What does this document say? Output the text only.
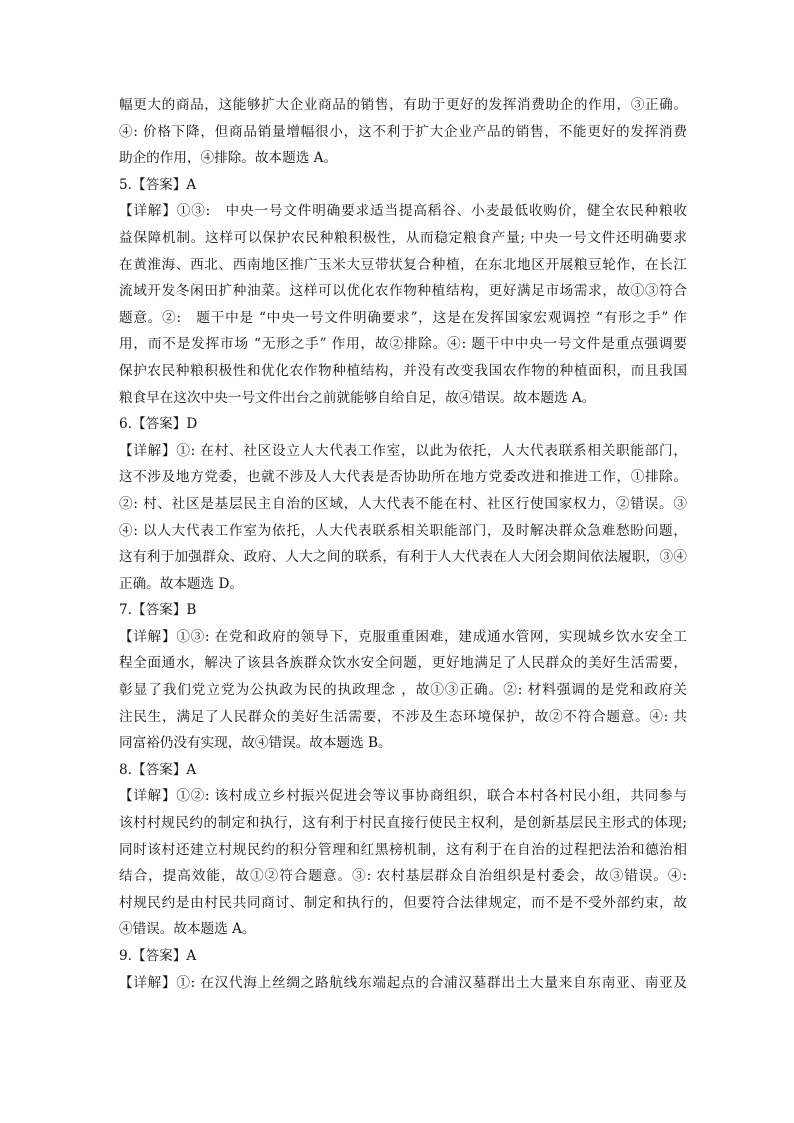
幅更大的商品，这能够扩大企业商品的销售，有助于更好的发挥消费助企的作用，③正确。
④: 价格下降，但商品销量增幅很小，这不利于扩大企业产品的销售，不能更好的发挥消费
助企的作用，④排除。故本题选 A。
5.【答案】A
【详解】①③:　中央一号文件明确要求适当提高稻谷、小麦最低收购价，健全农民种粮收
益保障机制。这样可以保护农民种粮积极性，从而稳定粮食产量; 中央一号文件还明确要求
在黄淮海、西北、西南地区推广玉米大豆带状复合种植，在东北地区开展粮豆轮作，在长江
流域开发冬闲田扩种油菜。这样可以优化农作物种植结构，更好满足市场需求，故①③符合
题意。②:　题干中是 “中央一号文件明确要求”，这是在发挥国家宏观调控 “有形之手” 作
用，而不是发挥市场 “无形之手” 作用，故②排除。④: 题干中中央一号文件是重点强调要
保护农民种粮积极性和优化农作物种植结构，并没有改变我国农作物的种植面积，而且我国
粮食早在这次中央一号文件出台之前就能够自给自足，故④错误。故本题选 A。
6.【答案】D
【详解】①: 在村、社区设立人大代表工作室，以此为依托，人大代表联系相关职能部门，
这不涉及地方党委，也就不涉及人大代表是否协助所在地方党委改进和推进工作，①排除。
②: 村、社区是基层民主自治的区域，人大代表不能在村、社区行使国家权力，②错误。③
④: 以人大代表工作室为依托，人大代表联系相关职能部门，及时解决群众急难愁盼问题，
这有利于加强群众、政府、人大之间的联系，有利于人大代表在人大闭会期间依法履职，③④
正确。故本题选 D。
7.【答案】B
【详解】①③: 在党和政府的领导下，克服重重困难，建成通水管网，实现城乡饮水安全工
程全面通水，解决了该县各族群众饮水安全问题，更好地满足了人民群众的美好生活需要，
彰显了我们党立党为公执政为民的执政理念 ，故①③正确。②: 材料强调的是党和政府关
注民生，满足了人民群众的美好生活需要，不涉及生态环境保护，故②不符合题意。④: 共
同富裕仍没有实现，故④错误。故本题选 B。
8.【答案】A
【详解】①②: 该村成立乡村振兴促进会等议事协商组织，联合本村各村民小组，共同参与
该村村规民约的制定和执行，这有利于村民直接行使民主权利，是创新基层民主形式的体现;
同时该村还建立村规民约的积分管理和红黑榜机制，这有利于在自治的过程把法治和德治相
结合，提高效能，故①②符合题意。③: 农村基层群众自治组织是村委会，故③错误。④:
村规民约是由村民共同商讨、制定和执行的，但要符合法律规定，而不是不受外部约束，故
④错误。故本题选 A。
9.【答案】A
【详解】①: 在汉代海上丝绸之路航线东端起点的合浦汉墓群出土大量来自东南亚、南亚及
